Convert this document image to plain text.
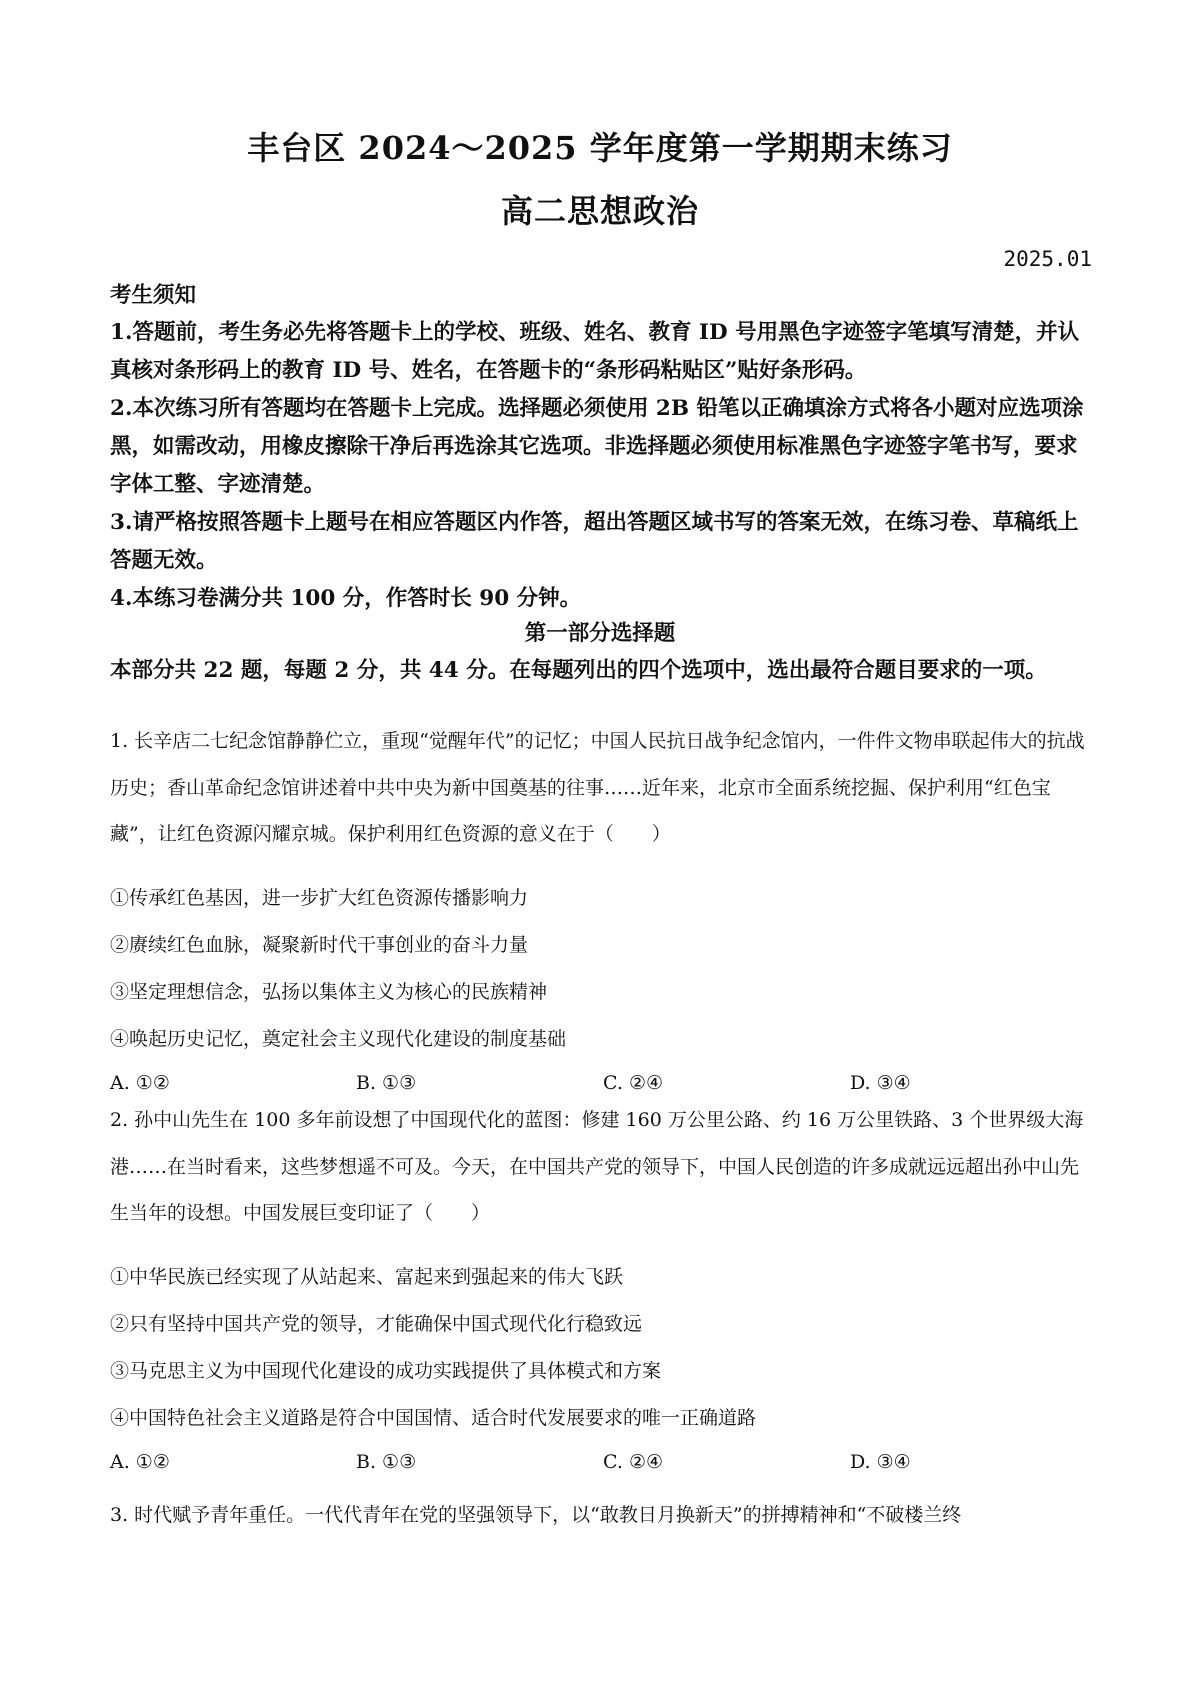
丰台区 2024～2025 学年度第一学期期末练习
高二思想政治
2025.01
考生须知

1.答题前，考生务必先将答题卡上的学校、班级、姓名、教育 ID 号用黑色字迹签字笔填写清楚，并认真核对条形码上的教育 ID 号、姓名，在答题卡的“条形码粘贴区”贴好条形码。

2.本次练习所有答题均在答题卡上完成。选择题必须使用 2B 铅笔以正确填涂方式将各小题对应选项涂黑，如需改动，用橡皮擦除干净后再选涂其它选项。非选择题必须使用标准黑色字迹签字笔书写，要求字体工整、字迹清楚。

3.请严格按照答题卡上题号在相应答题区内作答，超出答题区域书写的答案无效，在练习卷、草稿纸上答题无效。

4.本练习卷满分共 100 分，作答时长 90 分钟。

第一部分选择题
本部分共 22 题，每题 2 分，共 44 分。在每题列出的四个选项中，选出最符合题目要求的一项。
1. 长辛店二七纪念馆静静伫立，重现“觉醒年代”的记忆；中国人民抗日战争纪念馆内，一件件文物串联起伟大的抗战历史；香山革命纪念馆讲述着中共中央为新中国奠基的往事……近年来，北京市全面系统挖掘、保护利用“红色宝藏”，让红色资源闪耀京城。保护利用红色资源的意义在于（　　）
①传承红色基因，进一步扩大红色资源传播影响力
②赓续红色血脉，凝聚新时代干事创业的奋斗力量
③坚定理想信念，弘扬以集体主义为核心的民族精神
④唤起历史记忆，奠定社会主义现代化建设的制度基础
A. ①②	B. ①③	C. ②④	D. ③④
2. 孙中山先生在 100 多年前设想了中国现代化的蓝图：修建 160 万公里公路、约 16 万公里铁路、3 个世界级大海港……在当时看来，这些梦想遥不可及。今天，在中国共产党的领导下，中国人民创造的许多成就远远超出孙中山先生当年的设想。中国发展巨变印证了（　　）
①中华民族已经实现了从站起来、富起来到强起来的伟大飞跃
②只有坚持中国共产党的领导，才能确保中国式现代化行稳致远
③马克思主义为中国现代化建设的成功实践提供了具体模式和方案
④中国特色社会主义道路是符合中国国情、适合时代发展要求的唯一正确道路
A. ①②	B. ①③	C. ②④	D. ③④
3. 时代赋予青年重任。一代代青年在党的坚强领导下，以“敢教日月换新天”的拼搏精神和“不破楼兰终
